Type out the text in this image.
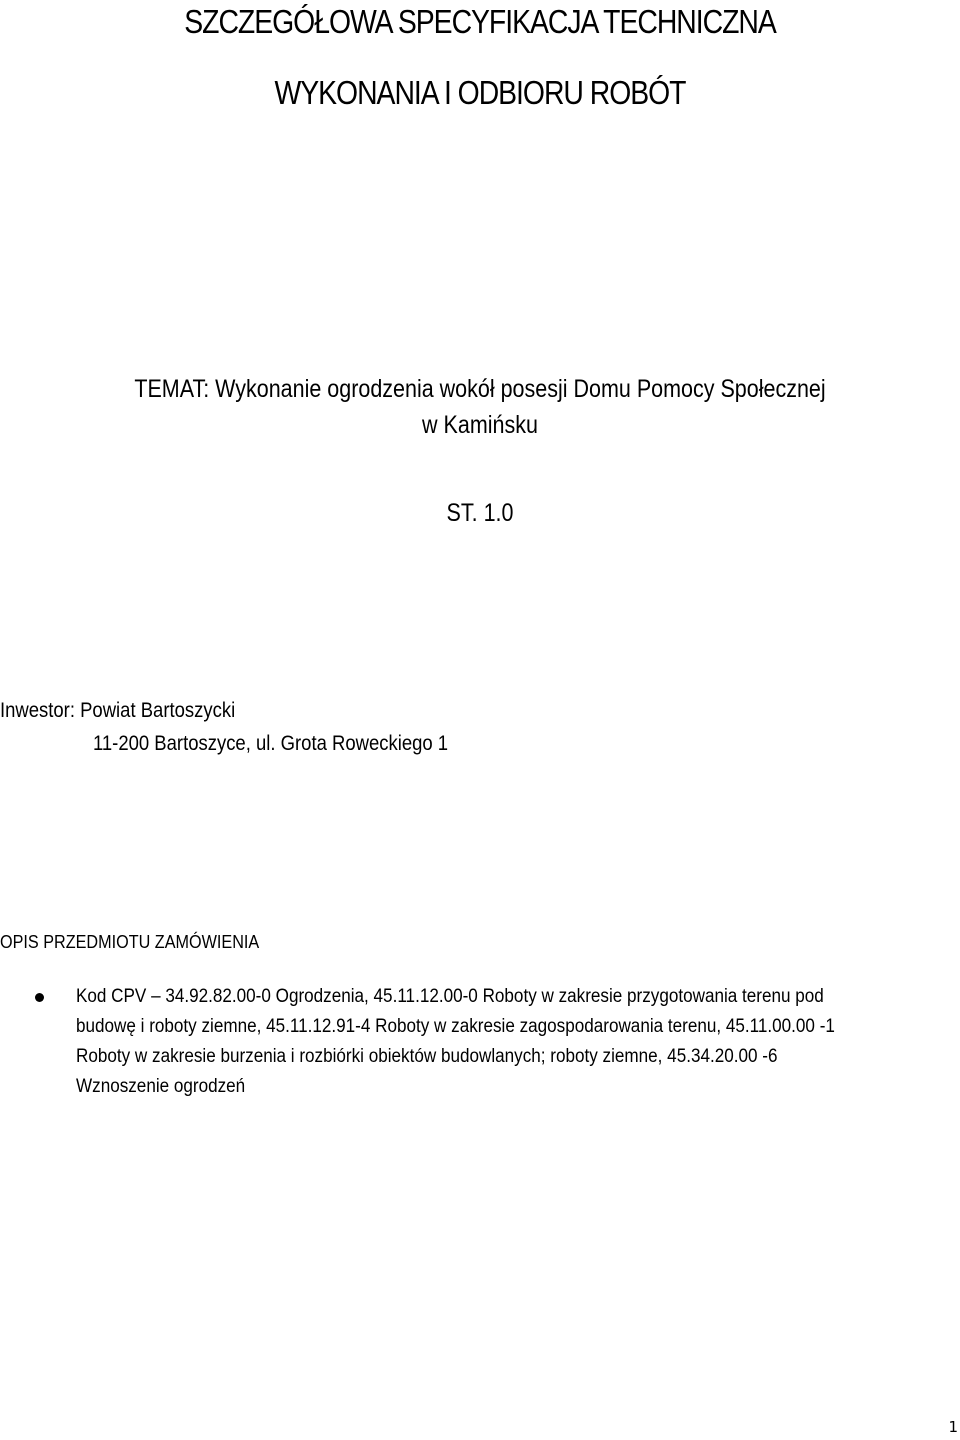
SZCZEGÓŁOWA SPECYFIKACJA TECHNICZNA
WYKONANIA I ODBIORU ROBÓT
TEMAT: Wykonanie ogrodzenia wokół posesji Domu Pomocy Społecznej
w Kamińsku
ST. 1.0
Inwestor: Powiat Bartoszycki
11-200 Bartoszyce, ul. Grota Roweckiego 1
OPIS PRZEDMIOTU ZAMÓWIENIA
Kod CPV – 34.92.82.00-0 Ogrodzenia, 45.11.12.00-0 Roboty w zakresie przygotowania terenu pod
budowę i roboty ziemne, 45.11.12.91-4 Roboty w zakresie zagospodarowania terenu, 45.11.00.00 -1
Roboty w zakresie burzenia i rozbiórki obiektów budowlanych; roboty ziemne, 45.34.20.00 -6
Wznoszenie ogrodzeń
1
